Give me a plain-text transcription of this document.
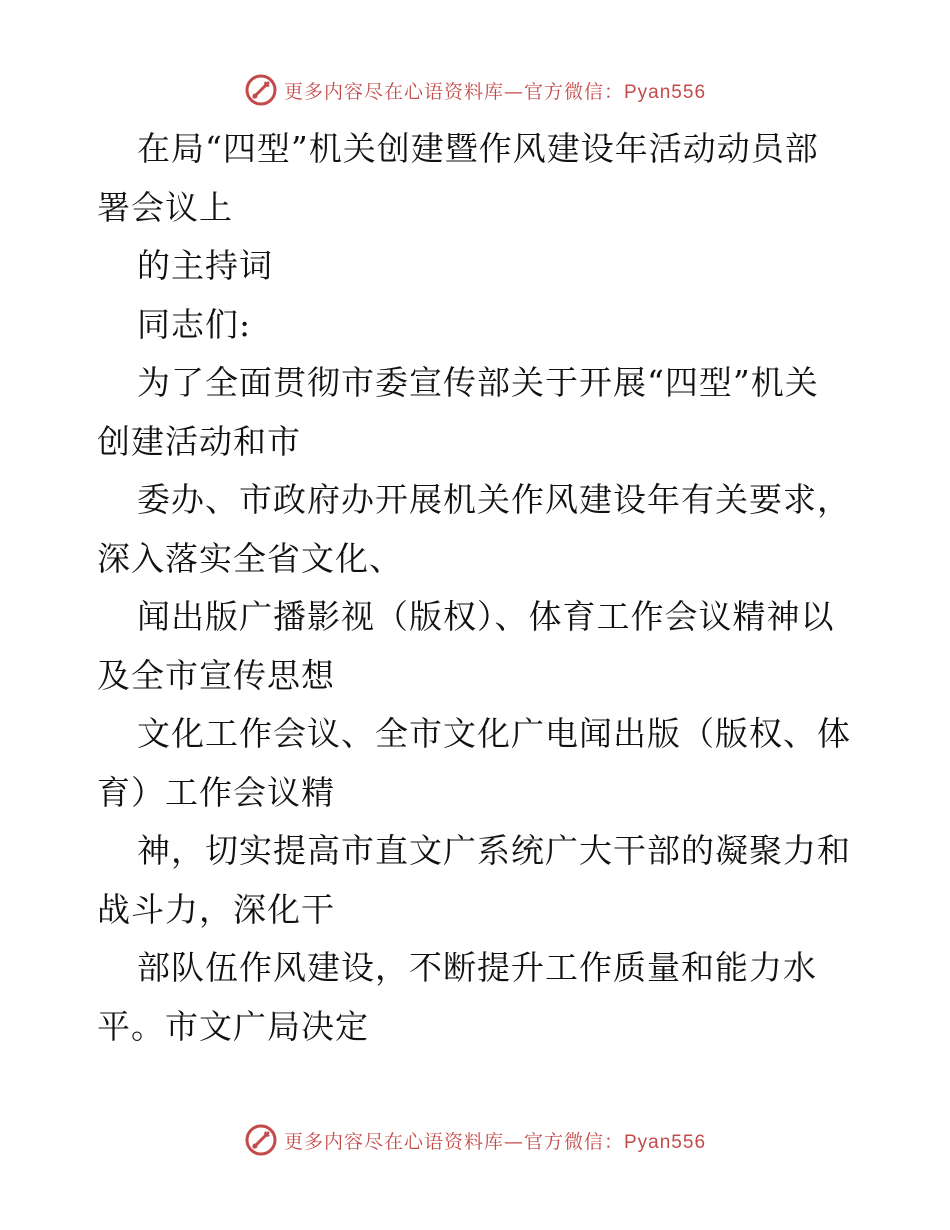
更多内容尽在心语资料库—官方微信：Pyan556
在局“四型”机关创建暨作风建设年活动动员部
署会议上
的主持词
同志们:
为了全面贯彻市委宣传部关于开展“四型”机关
创建活动和市
委办、市政府办开展机关作风建设年有关要求，
深入落实全省文化、
闻出版广播影视（版权）、体育工作会议精神以
及全市宣传思想
文化工作会议、全市文化广电闻出版（版权、体
育）工作会议精
神，切实提高市直文广系统广大干部的凝聚力和
战斗力，深化干
部队伍作风建设，不断提升工作质量和能力水
平。市文广局决定
更多内容尽在心语资料库—官方微信：Pyan556
